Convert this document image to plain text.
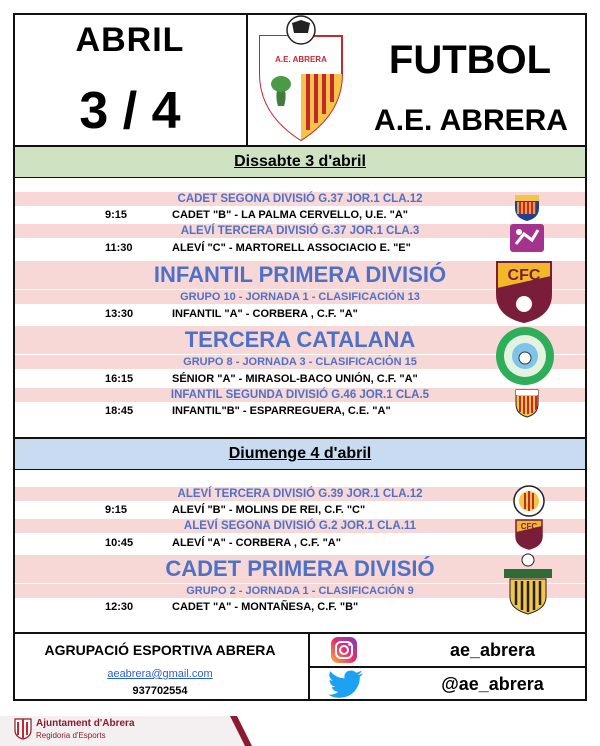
ABRIL
3 / 4
A.E. ABRERA	FUTBOL
A.E. ABRERA
Dissabte 3 d'abril
CADET SEGONA DIVISIÓ G.37 JOR.1 CLA.12
9:15	CADET "B" - LA PALMA CERVELLO, U.E. "A"
ALEVÍ TERCERA DIVISIÓ G.37 JOR.1 CLA.3
11:30	ALEVÍ "C" - MARTORELL ASSOCIACIO E. "E"
INFANTIL PRIMERA DIVISIÓ
GRUPO 10 - JORNADA 1 - CLASIFICACIÓN 13
13:30	INFANTIL "A" - CORBERA , C.F. "A"
TERCERA CATALANA
GRUPO 8 - JORNADA 3 - CLASIFICACIÓN 15
16:15	SÉNIOR "A" - MIRASOL-BACO UNIÓN, C.F. "A"
INFANTIL SEGUNDA DIVISIÓ G.46 JOR.1 CLA.5
18:45	INFANTIL"B" - ESPARREGUERA, C.E. "A"
CFC
Diumenge 4 d'abril
ALEVÍ TERCERA DIVISIÓ G.39 JOR.1 CLA.12
9:15	ALEVÍ "B" - MOLINS DE REI, C.F. "C"
ALEVÍ SEGONA DIVISIÓ G.2 JOR.1 CLA.11
10:45	ALEVÍ "A" - CORBERA , C.F. "A"
CADET PRIMERA DIVISIÓ
GRUPO 2 - JORNADA 1 - CLASIFICACIÓN 9
12:30	CADET "A" - MONTAÑESA, C.F. "B"
CFC
AGRUPACIÓ ESPORTIVA ABRERA
aeabrera@gmail.com
937702554
ae_abrera
@ae_abrera
Ajuntament d'Abrera
Regidoria d'Esports
